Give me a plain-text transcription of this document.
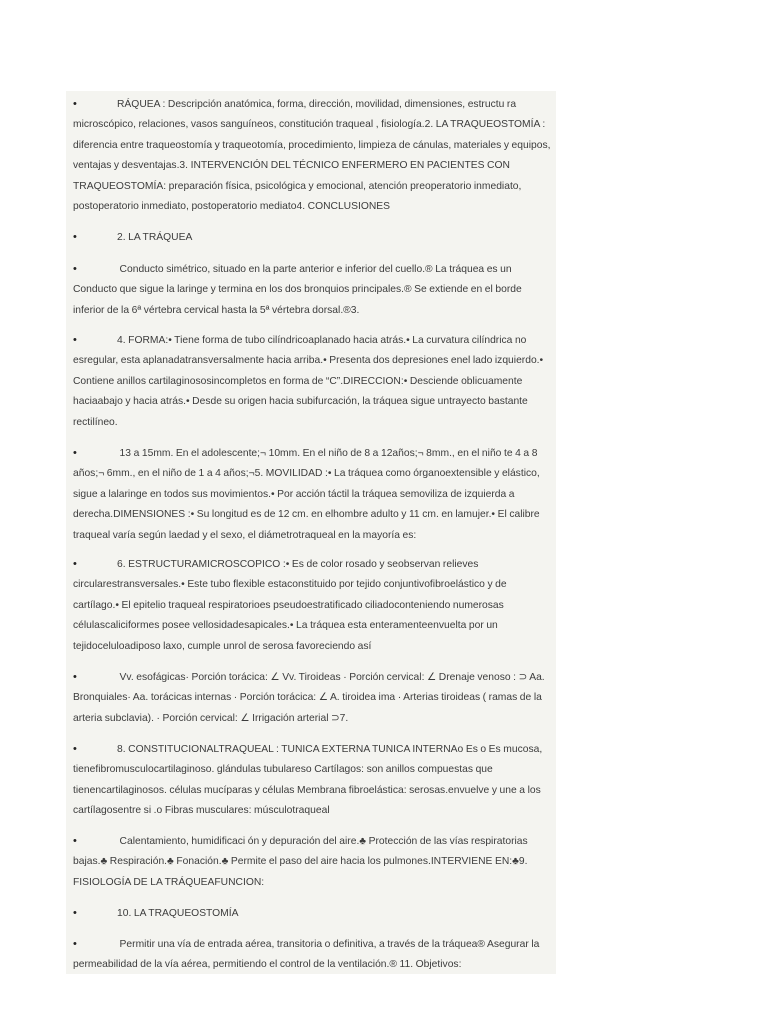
•	RÁQUEA : Descripción anatómica, forma, dirección, movilidad, dimensiones, estructu ra microscópico, relaciones, vasos sanguíneos, constitución traqueal , fisiología.2. LA TRAQUEOSTOMÍA : diferencia entre traqueostomía y traqueotomía, procedimiento, limpieza de cánulas, materiales y equipos, ventajas y desventajas.3. INTERVENCIÓN DEL TÉCNICO ENFERMERO EN PACIENTES CON TRAQUEOSTOMÍA: preparación física, psicológica y emocional, atención preoperatorio inmediato, postoperatorio inmediato, postoperatorio mediato4. CONCLUSIONES
•	2. LA TRÁQUEA
•	Conducto simétrico, situado en la parte anterior e inferior del cuello.® La tráquea es un Conducto que sigue la laringe y termina en los dos bronquios principales.® Se extiende en el borde inferior de la 6ª vértebra cervical hasta la 5ª vértebra dorsal.®3.
•	4. FORMA:• Tiene forma de tubo cilíndricoaplanado hacia atrás.• La curvatura cilíndrica no esregular, esta aplanadatransversalmente hacia arriba.• Presenta dos depresiones enel lado izquierdo.• Contiene anillos cartilaginososincompletos en forma de “C”.DIRECCION:• Desciende oblicuamente haciaabajo y hacia atrás.• Desde su origen hacia subifurcación, la tráquea sigue untrayecto bastante rectilíneo.
•	13 a 15mm. En el adolescente;¬ 10mm. En el niño de 8 a 12años;¬ 8mm., en el niño te 4 a 8 años;¬ 6mm., en el niño de 1 a 4 años;¬5. MOVILIDAD :• La tráquea como órganoextensible y elástico, sigue a lalaringe en todos sus movimientos.• Por acción táctil la tráquea semoviliza de izquierda a derecha.DIMENSIONES :• Su longitud es de 12 cm. en elhombre adulto y 11 cm. en lamujer.• El calibre traqueal varía según laedad y el sexo, el diámetrotraqueal en la mayoría es:
•	6. ESTRUCTURAMICROSCOPICO :• Es de color rosado y seobservan relieves circularestransversales.• Este tubo flexible estaconstituido por tejido conjuntivofibroelástico y de cartílago.• El epitelio traqueal respiratorioes pseudoestratificado ciliadoconteniendo numerosas célulascaliciformes posee vellosidadesapicales.• La tráquea esta enteramenteenvuelta por un tejidoceluloadiposo laxo, cumple unrol de serosa favoreciendo así
•	Vv. esofágicas· Porción torácica: ∠ Vv. Tiroideas · Porción cervical: ∠ Drenaje venoso : ⊃ Aa. Bronquiales· Aa. torácicas internas · Porción torácica: ∠ A. tiroidea ima · Arterias tiroideas ( ramas de la arteria subclavia). · Porción cervical: ∠ Irrigación arterial ⊃7.
•	8. CONSTITUCIONALTRAQUEAL : TUNICA EXTERNA TUNICA INTERNAo Es o Es mucosa, tienefibromusculocartilaginoso. glándulas tubulareso Cartílagos: son anillos compuestas que tienencartilaginosos. células mucíparas y células Membrana fibroelástica: serosas.envuelve y une a los cartílagosentre si .o Fibras musculares: músculotraqueal
•	Calentamiento, humidificaci ón y depuración del aire.♣ Protección de las vías respiratorias bajas.♣ Respiración.♣ Fonación.♣ Permite el paso del aire hacia los pulmones.INTERVIENE EN:♣9. FISIOLOGÍA DE LA TRÁQUEAFUNCION:
•	10. LA TRAQUEOSTOMÍA
•	Permitir una vía de entrada aérea, transitoria o definitiva, a través de la tráquea® Asegurar la permeabilidad de la vía aérea, permitiendo el control de la ventilación.® 11. Objetivos:
